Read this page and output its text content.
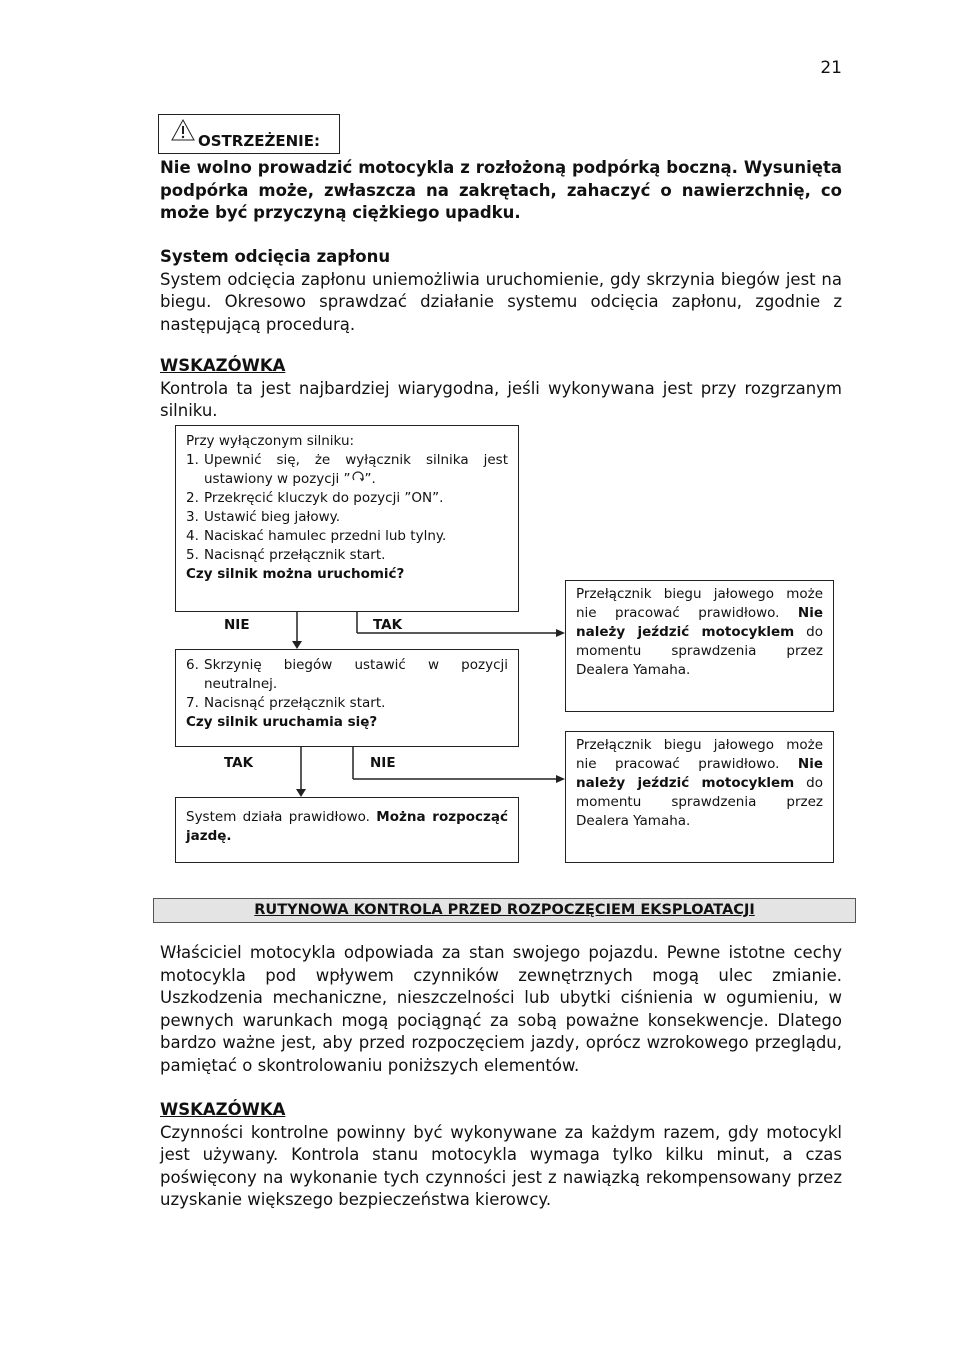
21
OSTRZEŻENIE:

Nie wolno prowadzić motocykla z rozłożoną podpórką boczną. Wysunięta podpórka może, zwłaszcza na zakrętach, zahaczyć o nawierzchnię, co może być przyczyną ciężkiego upadku.

System odcięcia zapłonu

System odcięcia zapłonu uniemożliwia uruchomienie, gdy skrzynia biegów jest na biegu. Okresowo sprawdzać działanie systemu odcięcia zapłonu, zgodnie z następującą procedurą.

WSKAZÓWKA

Kontrola ta jest najbardziej wiarygodna, jeśli wykonywana jest przy rozgrzanym silniku.

Przy wyłączonym silniku:
1. Upewnić się, że wyłącznik silnika jest ustawiony w pozycji ” ”.
2. Przekręcić kluczyk do pozycji ”ON”.
3. Ustawić bieg jałowy.
4. Naciskać hamulec przedni lub tylny.
5. Nacisnąć przełącznik start.
Czy silnik można uruchomić?
NIE	TAK
6. Skrzynię biegów ustawić w pozycji neutralnej.
7. Nacisnąć przełącznik start.
Czy silnik uruchamia się?
TAK	NIE
System działa prawidłowo. Można rozpocząć jazdę.
Przełącznik biegu jałowego może nie pracować prawidłowo. Nie należy jeździć motocyklem do momentu sprawdzenia przez Dealera Yamaha.
Przełącznik biegu jałowego może nie pracować prawidłowo. Nie należy jeździć motocyklem do momentu sprawdzenia przez Dealera Yamaha.
RUTYNOWA KONTROLA PRZED ROZPOCZĘCIEM EKSPLOATACJI

Właściciel motocykla odpowiada za stan swojego pojazdu. Pewne istotne cechy motocykla pod wpływem czynników zewnętrznych mogą ulec zmianie. Uszkodzenia mechaniczne, nieszczelności lub ubytki ciśnienia w ogumieniu, w pewnych warunkach mogą pociągnąć za sobą poważne konsekwencje. Dlatego bardzo ważne jest, aby przed rozpoczęciem jazdy, oprócz wzrokowego przeglądu, pamiętać o skontrolowaniu poniższych elementów.

WSKAZÓWKA

Czynności kontrolne powinny być wykonywane za każdym razem, gdy motocykl jest używany. Kontrola stanu motocykla wymaga tylko kilku minut, a czas poświęcony na wykonanie tych czynności jest z nawiązką rekompensowany przez uzyskanie większego bezpieczeństwa kierowcy.
